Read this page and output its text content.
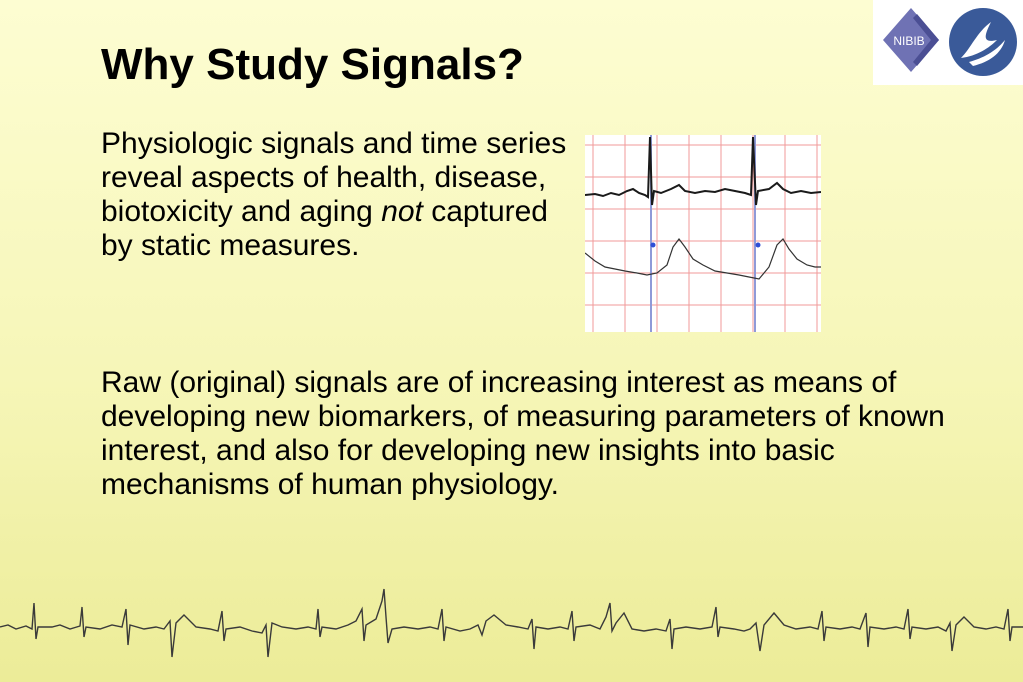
Why Study Signals?	NIBIB

Physiologic signals and time series reveal aspects of health, disease, biotoxicity and aging not captured by static measures.

Raw (original) signals are of increasing interest as means of developing new biomarkers, of measuring parameters of known interest, and also for developing new insights into basic mechanisms of human physiology.
